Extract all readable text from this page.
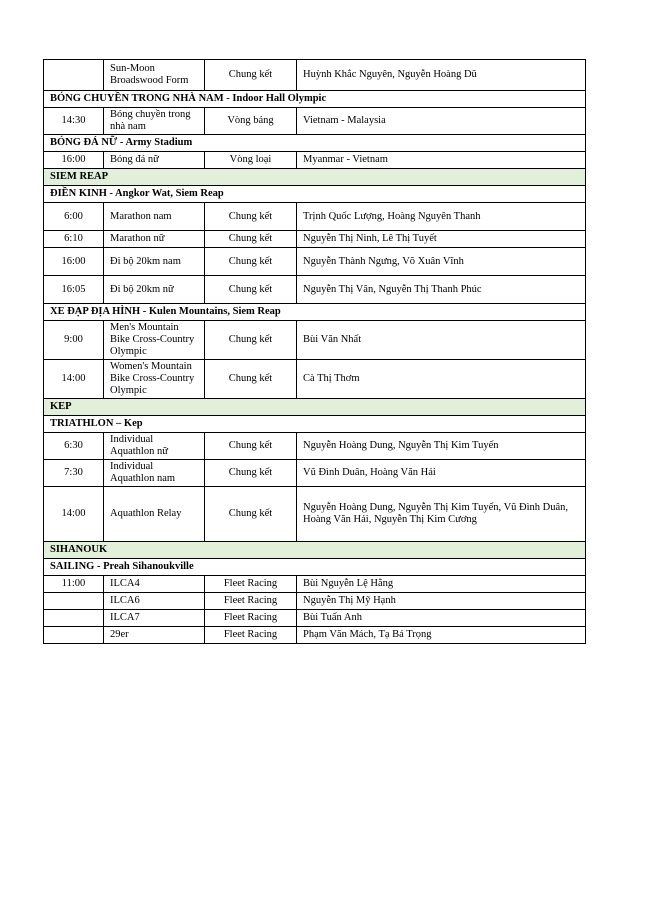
	Sun-Moon Broadswood Form	Chung kết	Huỳnh Khắc Nguyên, Nguyễn Hoàng Dũ
BÓNG CHUYỀN TRONG NHÀ NAM - Indoor Hall Olympic			
14:30	Bóng chuyền trong nhà nam	Vòng bảng	Vietnam - Malaysia
BÓNG ĐÁ NỮ - Army Stadium			
16:00	Bóng đá nữ	Vòng loại	Myanmar - Vietnam
SIEM REAP			
ĐIỀN KINH - Angkor Wat, Siem Reap			
6:00	Marathon nam	Chung kết	Trịnh Quốc Lượng, Hoàng Nguyên Thanh
6:10	Marathon nữ	Chung kết	Nguyễn Thị Ninh, Lê Thị Tuyết
16:00	Đi bộ 20km nam	Chung kết	Nguyễn Thành Ngưng, Võ Xuân Vĩnh
16:05	Đi bộ 20km nữ	Chung kết	Nguyễn Thị Vân, Nguyễn Thị Thanh Phúc
XE ĐẠP ĐỊA HÌNH - Kulen Mountains, Siem Reap			
9:00	Men's Mountain Bike Cross-Country Olympic	Chung kết	Bùi Văn Nhất
14:00	Women's Mountain Bike Cross-Country Olympic	Chung kết	Cà Thị Thơm
KEP			
TRIATHLON – Kep			
6:30	Individual Aquathlon nữ	Chung kết	Nguyễn Hoàng Dung, Nguyễn Thị Kim Tuyến
7:30	Individual Aquathlon nam	Chung kết	Vũ Đình Duân, Hoàng Văn Hải
14:00	Aquathlon Relay	Chung kết	Nguyễn Hoàng Dung, Nguyễn Thị Kim Tuyến, Vũ Đình Duân, Hoàng Văn Hải, Nguyễn Thị Kim Cương
SIHANOUK			
SAILING - Preah Sihanoukville			
11:00	ILCA4	Fleet Racing	Bùi Nguyễn Lệ Hằng
	ILCA6	Fleet Racing	Nguyễn Thị Mỹ Hạnh
	ILCA7	Fleet Racing	Bùi Tuấn Anh
	29er	Fleet Racing	Phạm Văn Mách, Tạ Bá Trọng
